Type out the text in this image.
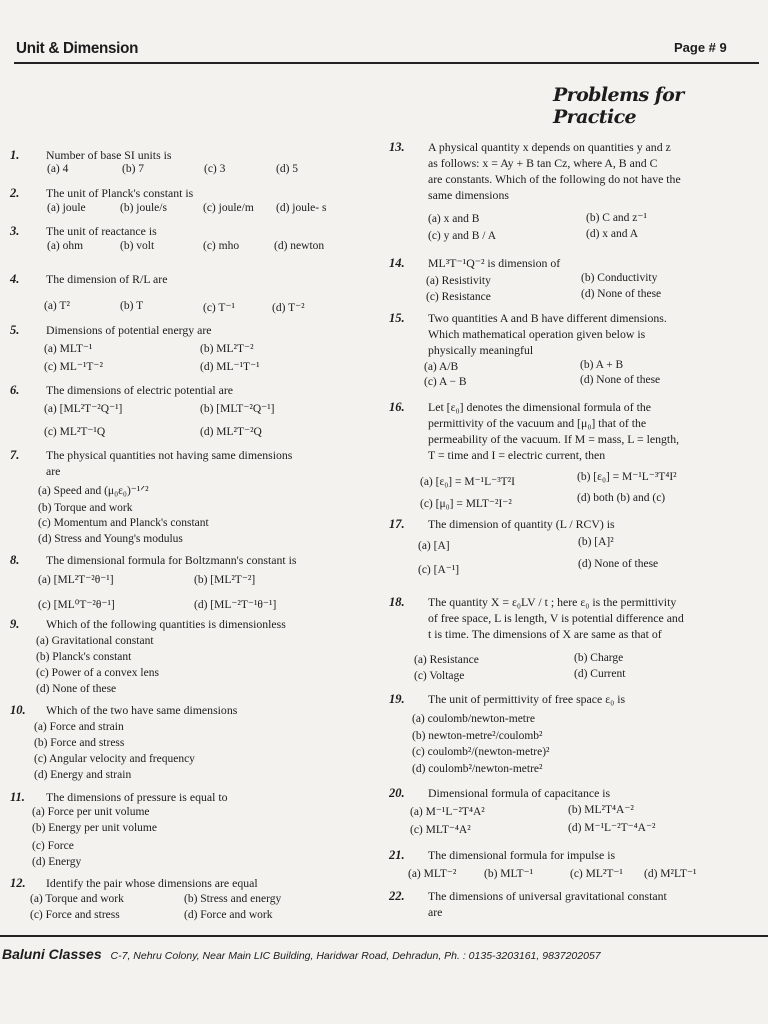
Unit & Dimension	Page # 9
Problems for Practice
1. Number of base SI units is
(a) 4	(b) 7	(c) 3	(d) 5
2. The unit of Planck's constant is
(a) joule	(b) joule/s	(c) joule/m (d) joule- s
3. The unit of reactance is
(a) ohm	(b) volt	(c) mho	(d) newton
4. The dimension of R/L are
(a) T²	(b) T	(c) T⁻¹	(d) T⁻²
5. Dimensions of potential energy are
(a) MLT⁻¹	(b) ML²T⁻²
(c) ML⁻¹T⁻²	(d) ML⁻¹T⁻¹
6. The dimensions of electric potential are
(a) [ML²T⁻²Q⁻¹]	(b) [MLT⁻²Q⁻¹]
(c) ML²T⁻¹Q	(d) ML²T⁻²Q
7. The physical quantities not having same dimensions
are
(a) Speed and (μ₀ε₀)⁻¹ᐟ²
(b) Torque and work
(c) Momentum and Planck's constant
(d) Stress and Young's modulus
8. The dimensional formula for Boltzmann's constant is
(a) [ML²T⁻²θ⁻¹]	(b) [ML²T⁻²]
(c) [ML⁰T⁻²θ⁻¹]	(d) [ML⁻²T⁻¹θ⁻¹]
9. Which of the following quantities is dimensionless
(a) Gravitational constant
(b) Planck's constant
(c) Power of a convex lens
(d) None of these
10. Which of the two have same dimensions
(a) Force and strain
(b) Force and stress
(c) Angular velocity and frequency
(d) Energy and strain
11. The dimensions of pressure is equal to
(a) Force per unit volume
(b) Energy per unit volume
(c) Force
(d) Energy
12. Identify the pair whose dimensions are equal
(a) Torque and work	(b) Stress and energy
(c) Force and stress	(d) Force and work
13. A physical quantity x depends on quantities y and z
as follows: x = Ay + B tan Cz, where A, B and C
are constants. Which of the following do not have the
same dimensions
(a) x and B	(b) C and z⁻¹
(c) y and B / A	(d) x and A
14. ML³T⁻¹Q⁻² is dimension of
(a) Resistivity	(b) Conductivity
(c) Resistance	(d) None of these
15. Two quantities A and B have different dimensions.
Which mathematical operation given below is
physically meaningful
(a) A/B	(b) A + B
(c) A − B	(d) None of these
16. Let [ε₀] denotes the dimensional formula of the
permittivity of the vacuum and [μ₀] that of the
permeability of the vacuum. If M = mass, L = length,
T = time and I = electric current, then
(a) [ε₀] = M⁻¹L⁻³T²I	(b) [ε₀] = M⁻¹L⁻³T⁴I²
(c) [μ₀] = MLT⁻²I⁻²	(d) both (b) and (c)
17. The dimension of quantity (L / RCV) is
(a) [A]	(b) [A]²
(c) [A⁻¹]	(d) None of these
18. The quantity X = ε₀LV / t ; here ε₀ is the permittivity
of free space, L is length, V is potential difference and
t is time. The dimensions of X are same as that of
(a) Resistance	(b) Charge
(c) Voltage	(d) Current
19. The unit of permittivity of free space ε₀ is
(a) coulomb/newton-metre
(b) newton-metre²/coulomb²
(c) coulomb²/(newton-metre)²
(d) coulomb²/newton-metre²
20. Dimensional formula of capacitance is
(a) M⁻¹L⁻²T⁴A²	(b) ML²T⁴A⁻²
(c) MLT⁻⁴A²	(d) M⁻¹L⁻²T⁻⁴A⁻²
21. The dimensional formula for impulse is
(a) MLT⁻² (b) MLT⁻¹	(c) ML²T⁻¹ (d) M²LT⁻¹
22. The dimensions of universal gravitational constant
are
Baluni Classes C-7, Nehru Colony, Near Main LIC Building, Haridwar Road, Dehradun, Ph. : 0135-3203161, 9837202057
